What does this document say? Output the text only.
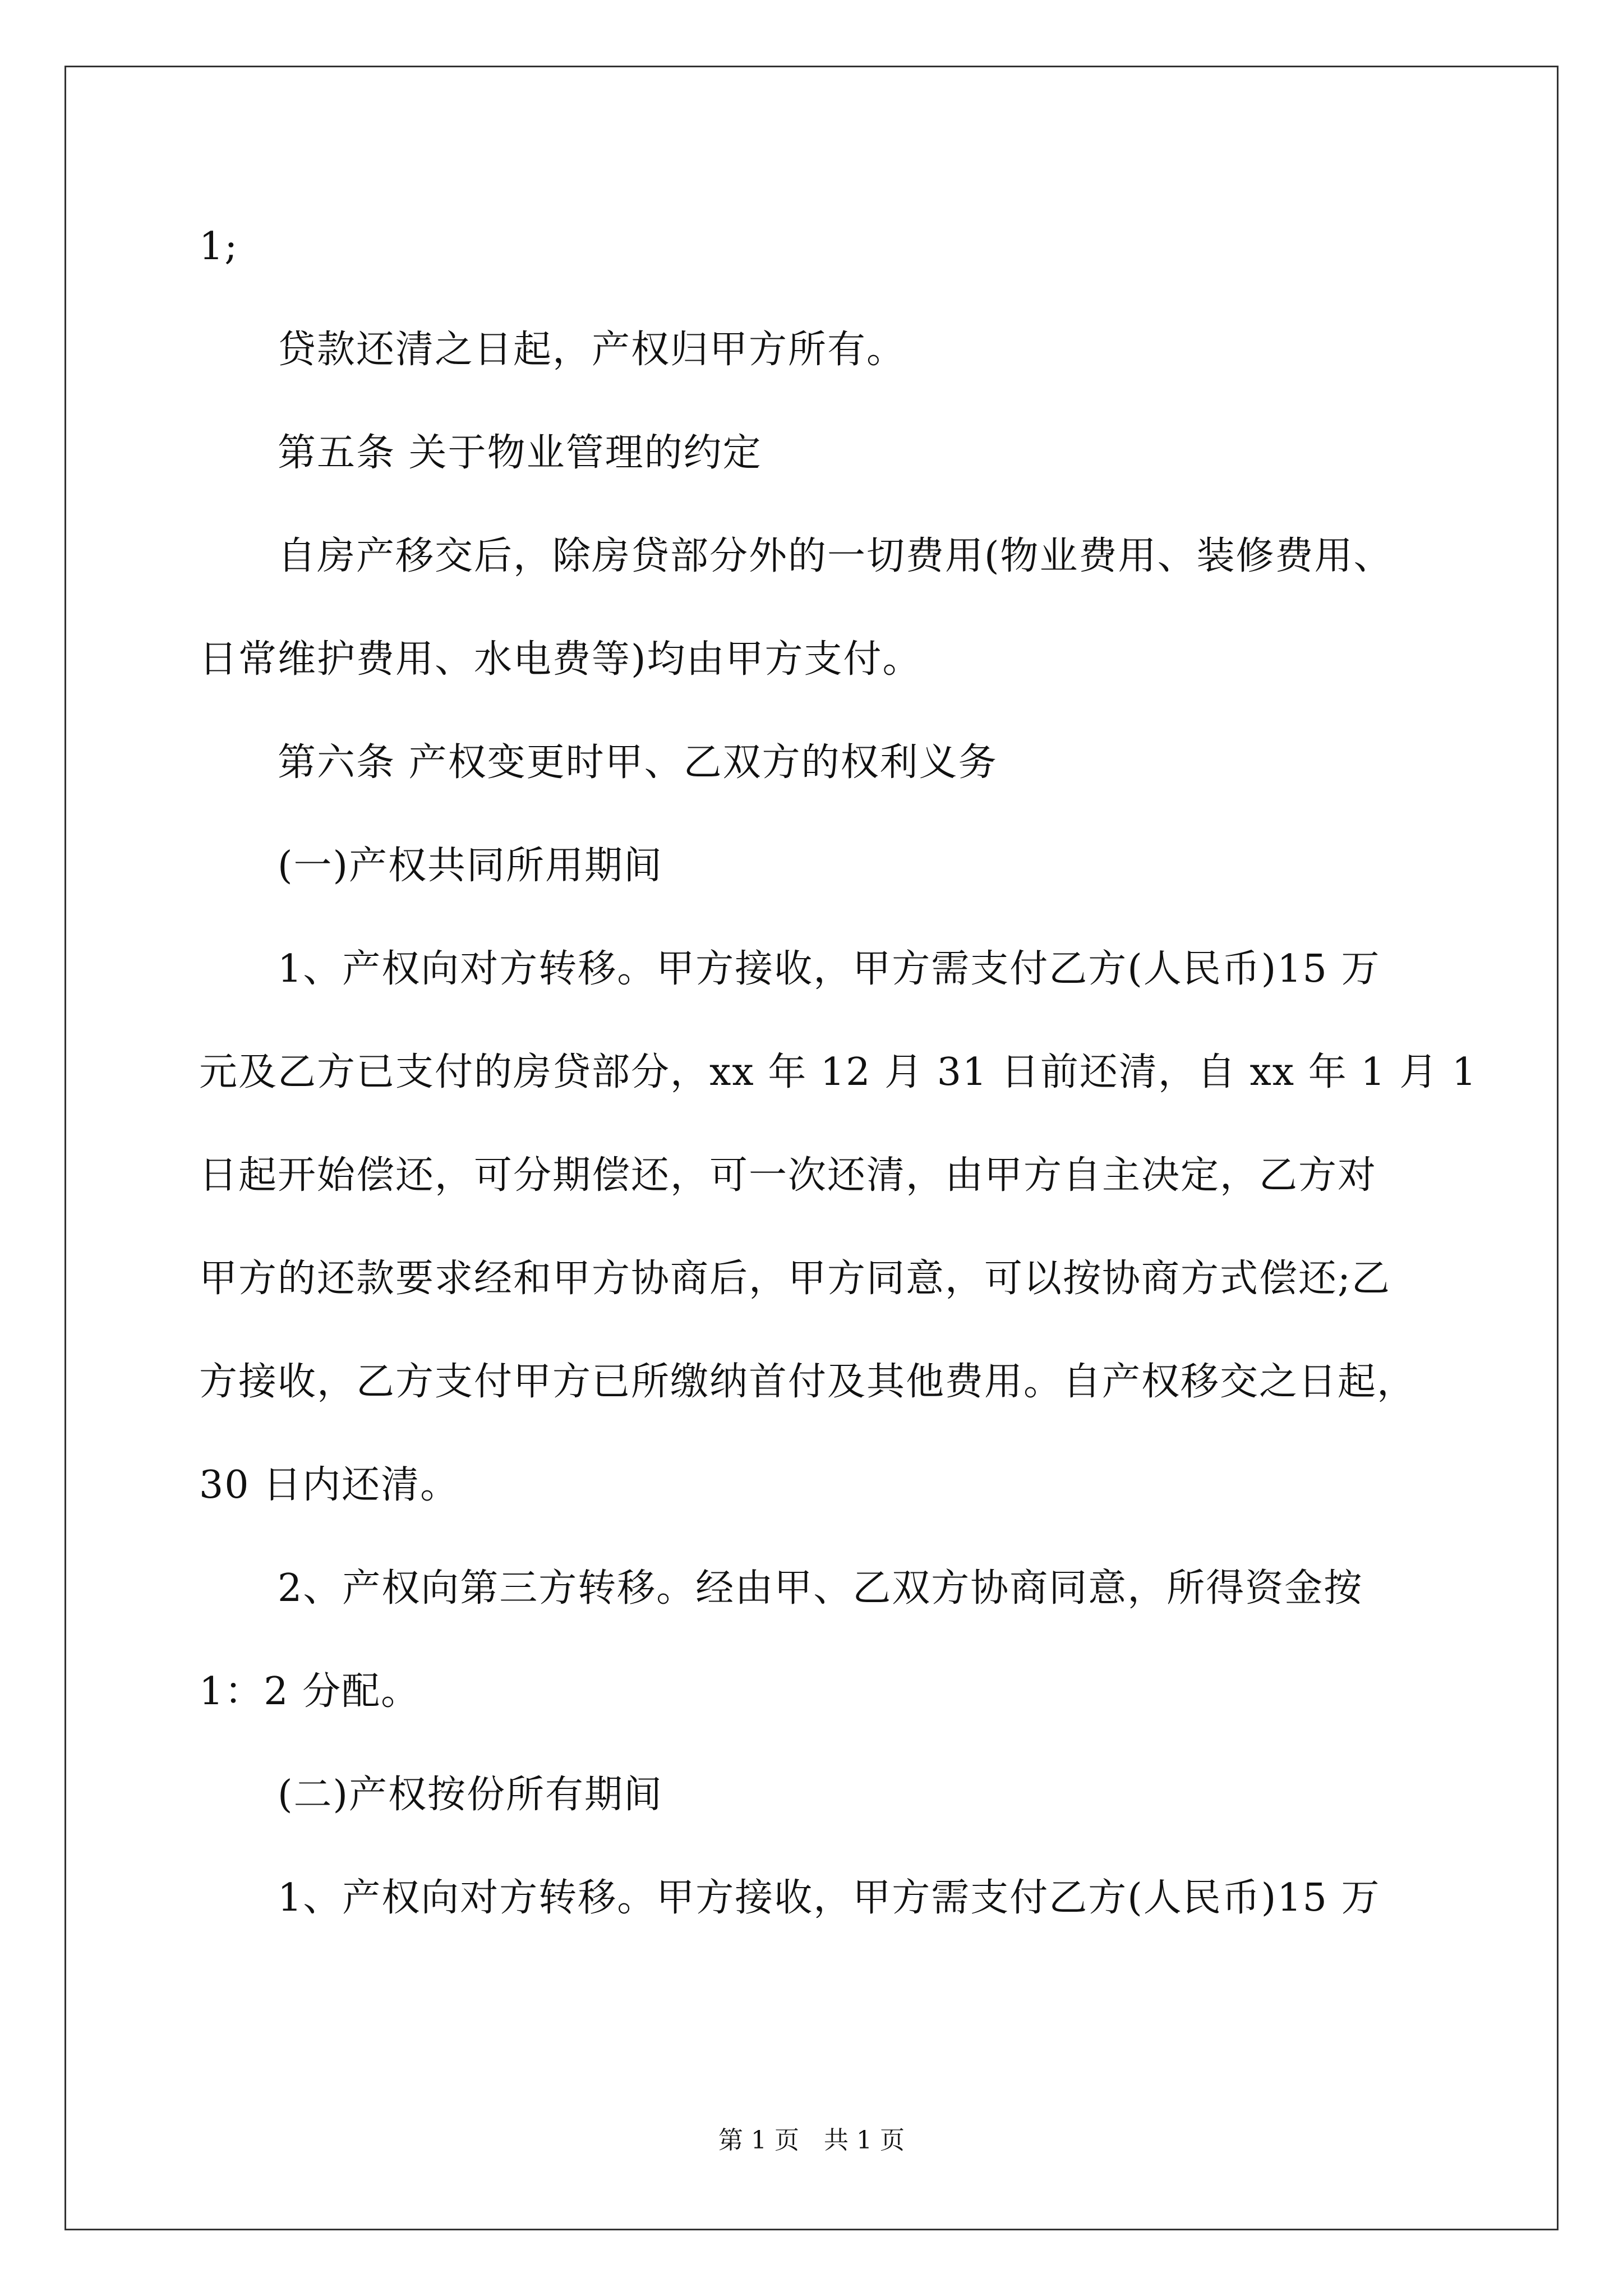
1;
　　贷款还清之日起，产权归甲方所有。
　　第五条 关于物业管理的约定
　　自房产移交后，除房贷部分外的一切费用(物业费用、装修费用、
日常维护费用、水电费等)均由甲方支付。
　　第六条 产权变更时甲、乙双方的权利义务
　　(一)产权共同所用期间
　　1、产权向对方转移。甲方接收，甲方需支付乙方(人民币)15 万
元及乙方已支付的房贷部分，xx 年 12 月 31 日前还清，自 xx 年 1 月 1
日起开始偿还，可分期偿还，可一次还清，由甲方自主决定，乙方对
甲方的还款要求经和甲方协商后，甲方同意，可以按协商方式偿还;乙
方接收，乙方支付甲方已所缴纳首付及其他费用。自产权移交之日起，
30 日内还清。
　　2、产权向第三方转移。经由甲、乙双方协商同意，所得资金按
1：2 分配。
　　(二)产权按份所有期间
　　1、产权向对方转移。甲方接收，甲方需支付乙方(人民币)15 万
第 1 页　共 1 页
